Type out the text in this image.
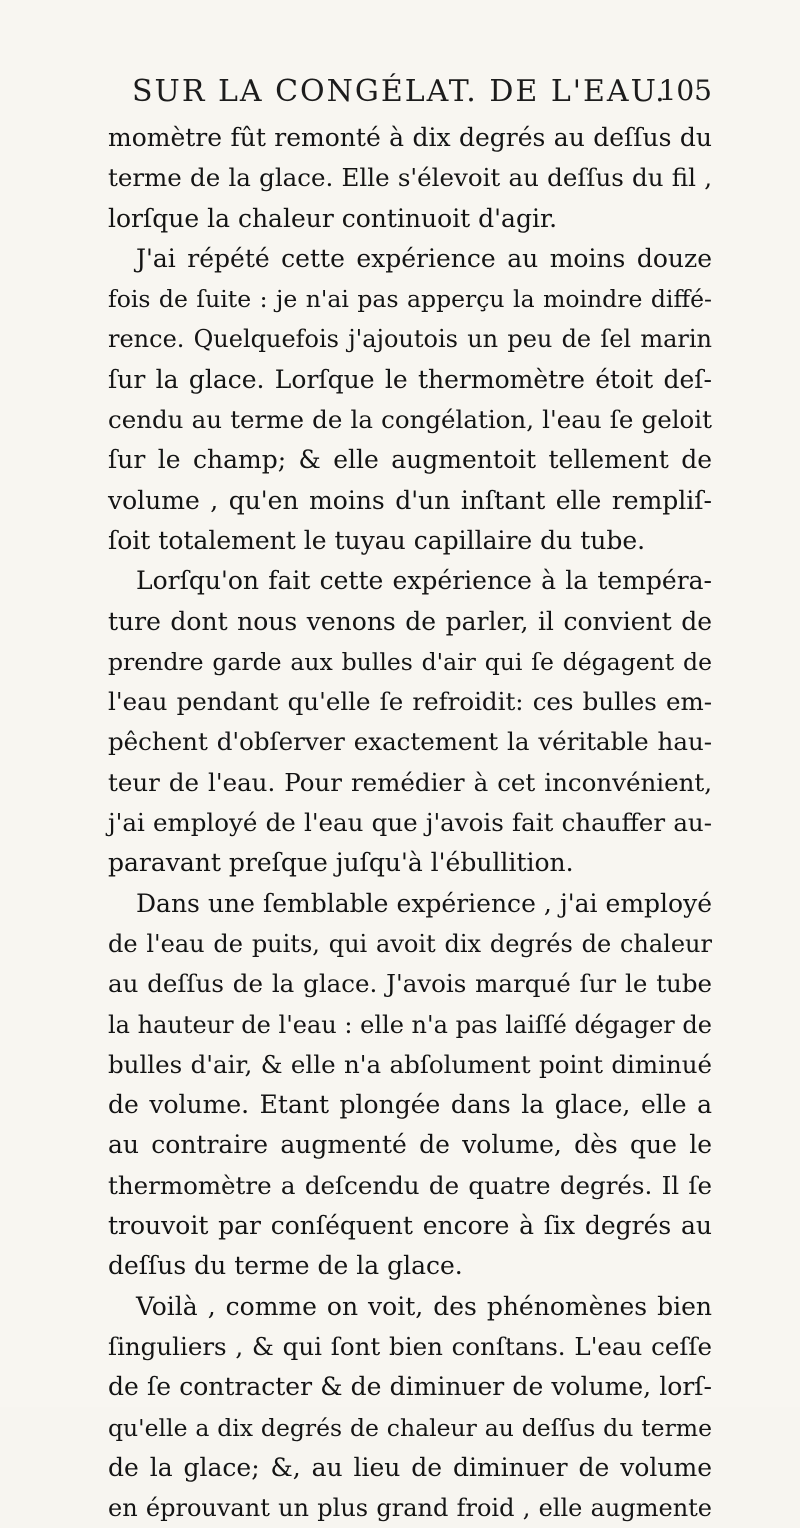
SUR LA CONGÉLAT. DE L'EAU.
105
momètre fût remonté à dix degrés au deſſus du
terme de la glace. Elle s'élevoit au deſſus du fil ,
lorſque la chaleur continuoit d'agir.
J'ai répété cette expérience au moins douze
fois de ſuite : je n'ai pas apperçu la moindre diffé-
rence. Quelquefois j'ajoutois un peu de ſel marin
ſur la glace. Lorſque le thermomètre étoit deſ-
cendu au terme de la congélation, l'eau ſe geloit
ſur le champ; & elle augmentoit tellement de
volume , qu'en moins d'un inſtant elle rempliſ-
ſoit totalement le tuyau capillaire du tube.
Lorſqu'on fait cette expérience à la tempéra-
ture dont nous venons de parler, il convient de
prendre garde aux bulles d'air qui ſe dégagent de
l'eau pendant qu'elle ſe refroidit: ces bulles em-
pêchent d'obſerver exactement la véritable hau-
teur de l'eau. Pour remédier à cet inconvénient,
j'ai employé de l'eau que j'avois fait chauffer au-
paravant preſque juſqu'à l'ébullition.
Dans une ſemblable expérience , j'ai employé
de l'eau de puits, qui avoit dix degrés de chaleur
au deſſus de la glace. J'avois marqué ſur le tube
la hauteur de l'eau : elle n'a pas laiſſé dégager de
bulles d'air, & elle n'a abſolument point diminué
de volume. Etant plongée dans la glace, elle a
au contraire augmenté de volume, dès que le
thermomètre a deſcendu de quatre degrés. Il ſe
trouvoit par conſéquent encore à ſix degrés au
deſſus du terme de la glace.
Voilà , comme on voit, des phénomènes bien
ſinguliers , & qui ſont bien conſtans. L'eau ceſſe
de ſe contracter & de diminuer de volume, lorſ-
qu'elle a dix degrés de chaleur au deſſus du terme
de la glace; &, au lieu de diminuer de volume
en éprouvant un plus grand froid , elle augmente
